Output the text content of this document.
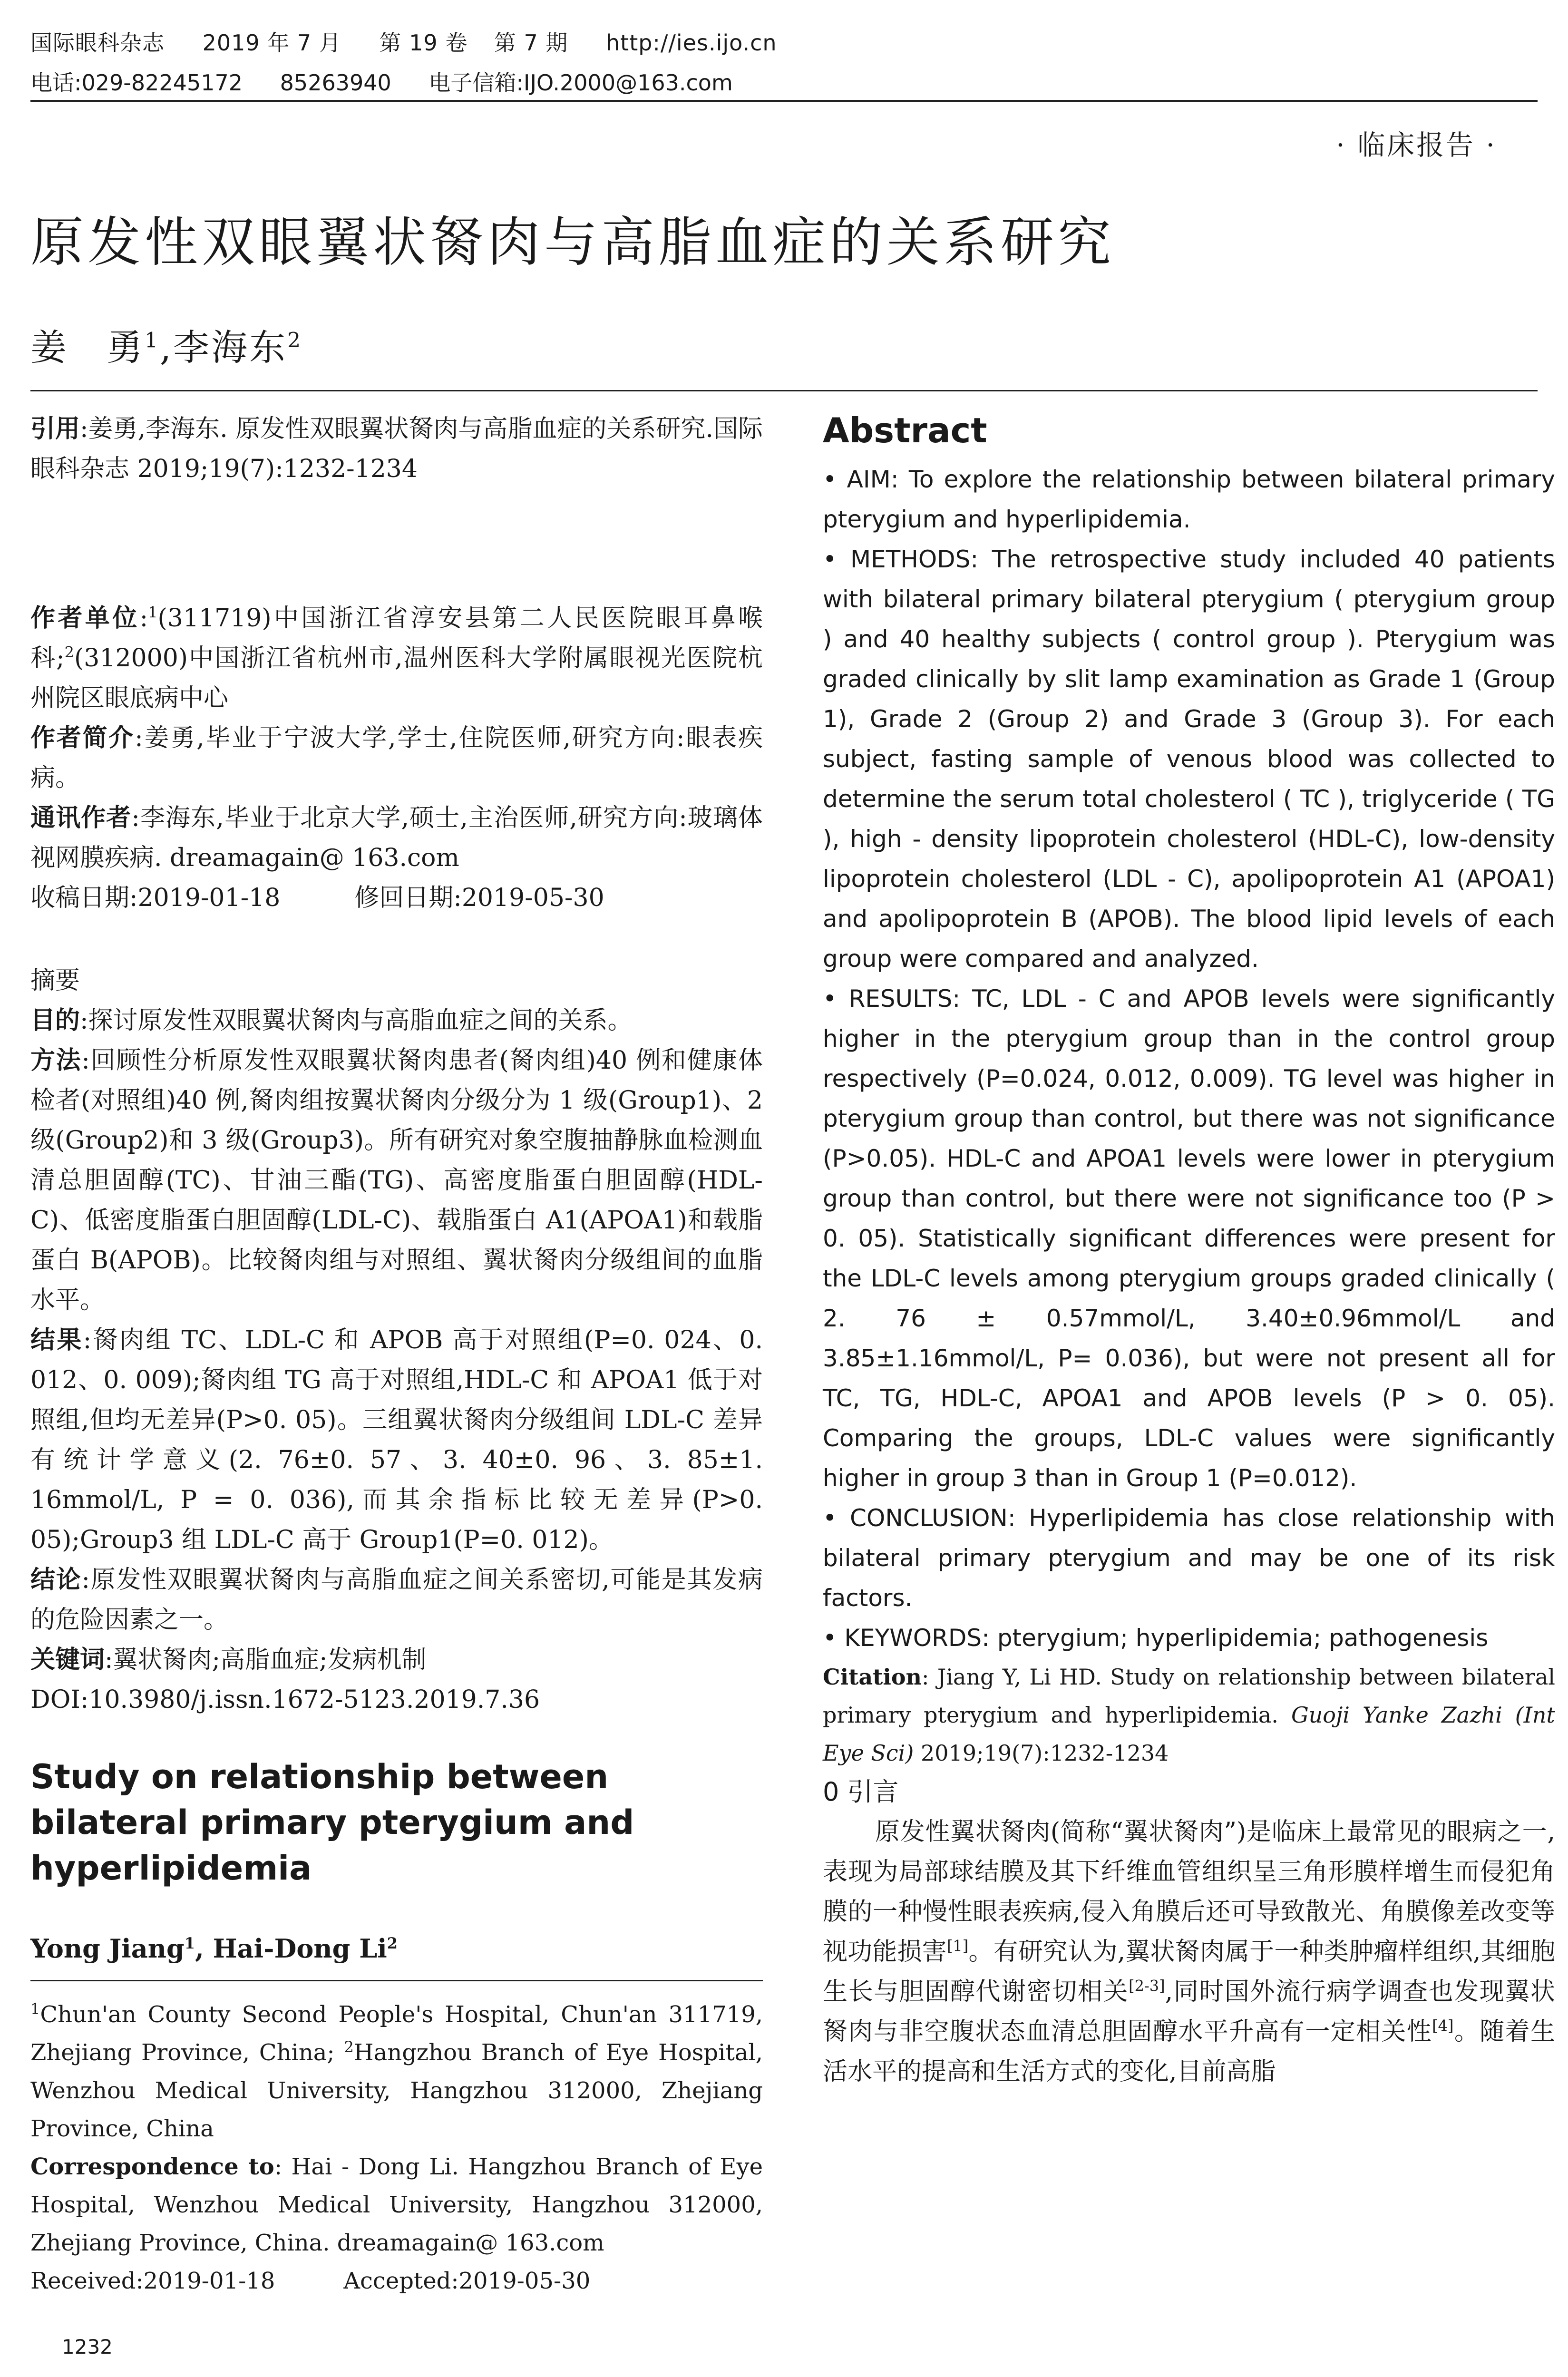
国际眼科杂志 2019 年 7 月 第 19 卷 第 7 期 http://ies.ijo.cn
电话:029-82245172 85263940 电子信箱:IJO.2000@163.com
· 临床报告 ·
原发性双眼翼状胬肉与高脂血症的关系研究
姜　勇$^1$,李海东$^2$

引用:姜勇,李海东. 原发性双眼翼状胬肉与高脂血症的关系研究.国际眼科杂志 2019;19(7):1232-1234

作者单位:$^1$(311719)中国浙江省淳安县第二人民医院眼耳鼻喉科;$^2$(312000)中国浙江省杭州市,温州医科大学附属眼视光医院杭州院区眼底病中心

作者简介:姜勇,毕业于宁波大学,学士,住院医师,研究方向:眼表疾病。

通讯作者:李海东,毕业于北京大学,硕士,主治医师,研究方向:玻璃体视网膜疾病. dreamagain@ 163.com

收稿日期:2019-01-18　　　修回日期:2019-05-30

摘要

目的:探讨原发性双眼翼状胬肉与高脂血症之间的关系。

方法:回顾性分析原发性双眼翼状胬肉患者(胬肉组)40 例和健康体检者(对照组)40 例,胬肉组按翼状胬肉分级分为 1 级(Group1)、2 级(Group2)和 3 级(Group3)。所有研究对象空腹抽静脉血检测血清总胆固醇(TC)、甘油三酯(TG)、高密度脂蛋白胆固醇(HDL-C)、低密度脂蛋白胆固醇(LDL-C)、载脂蛋白 A1(APOA1)和载脂蛋白 B(APOB)。比较胬肉组与对照组、翼状胬肉分级组间的血脂水平。

结果:胬肉组 TC、LDL-C 和 APOB 高于对照组(P=0. 024、0. 012、0. 009);胬肉组 TG 高于对照组,HDL-C 和 APOA1 低于对照组,但均无差异(P>0. 05)。三组翼状胬肉分级组间 LDL-C 差异有统计学意义(2. 76±0. 57、3. 40±0. 96、3. 85±1. 16mmol/L, P = 0. 036),而其余指标比较无差异(P>0. 05);Group3 组 LDL-C 高于 Group1(P=0. 012)。

结论:原发性双眼翼状胬肉与高脂血症之间关系密切,可能是其发病的危险因素之一。

关键词:翼状胬肉;高脂血症;发病机制

DOI:10.3980/j.issn.1672-5123.2019.7.36

Study on relationship between bilateral primary pterygium and hyperlipidemia
Yong Jiang$^1$, Hai-Dong Li$^2$

$^1$Chun'an County Second People's Hospital, Chun'an 311719, Zhejiang Province, China; $^2$Hangzhou Branch of Eye Hospital, Wenzhou Medical University, Hangzhou 312000, Zhejiang Province, China

Correspondence to: Hai - Dong Li. Hangzhou Branch of Eye Hospital, Wenzhou Medical University, Hangzhou 312000, Zhejiang Province, China. dreamagain@ 163.com

Received:2019-01-18　　　Accepted:2019-05-30

Abstract

• AIM: To explore the relationship between bilateral primary pterygium and hyperlipidemia.

• METHODS: The retrospective study included 40 patients with bilateral primary bilateral pterygium ( pterygium group ) and 40 healthy subjects ( control group ). Pterygium was graded clinically by slit lamp examination as Grade 1 (Group 1), Grade 2 (Group 2) and Grade 3 (Group 3). For each subject, fasting sample of venous blood was collected to determine the serum total cholesterol ( TC ), triglyceride ( TG ), high - density lipoprotein cholesterol (HDL-C), low-density lipoprotein cholesterol (LDL - C), apolipoprotein A1 (APOA1) and apolipoprotein B (APOB). The blood lipid levels of each group were compared and analyzed.

• RESULTS: TC, LDL - C and APOB levels were significantly higher in the pterygium group than in the control group respectively (P=0.024, 0.012, 0.009). TG level was higher in pterygium group than control, but there was not significance (P>0.05). HDL-C and APOA1 levels were lower in pterygium group than control, but there were not significance too (P > 0. 05). Statistically significant differences were present for the LDL-C levels among pterygium groups graded clinically ( 2. 76 ± 0.57mmol/L, 3.40±0.96mmol/L and 3.85±1.16mmol/L, P= 0.036), but were not present all for TC, TG, HDL-C, APOA1 and APOB levels (P > 0. 05). Comparing the groups, LDL-C values were significantly higher in group 3 than in Group 1 (P=0.012).

• CONCLUSION: Hyperlipidemia has close relationship with bilateral primary pterygium and may be one of its risk factors.

• KEYWORDS: pterygium; hyperlipidemia; pathogenesis

Citation: Jiang Y, Li HD. Study on relationship between bilateral primary pterygium and hyperlipidemia. Guoji Yanke Zazhi (Int Eye Sci) 2019;19(7):1232-1234

0 引言

原发性翼状胬肉(简称“翼状胬肉”)是临床上最常见的眼病之一,表现为局部球结膜及其下纤维血管组织呈三角形膜样增生而侵犯角膜的一种慢性眼表疾病,侵入角膜后还可导致散光、角膜像差改变等视功能损害[1]。有研究认为,翼状胬肉属于一种类肿瘤样组织,其细胞生长与胆固醇代谢密切相关[2-3],同时国外流行病学调查也发现翼状胬肉与非空腹状态血清总胆固醇水平升高有一定相关性[4]。随着生活水平的提高和生活方式的变化,目前高脂

1232
